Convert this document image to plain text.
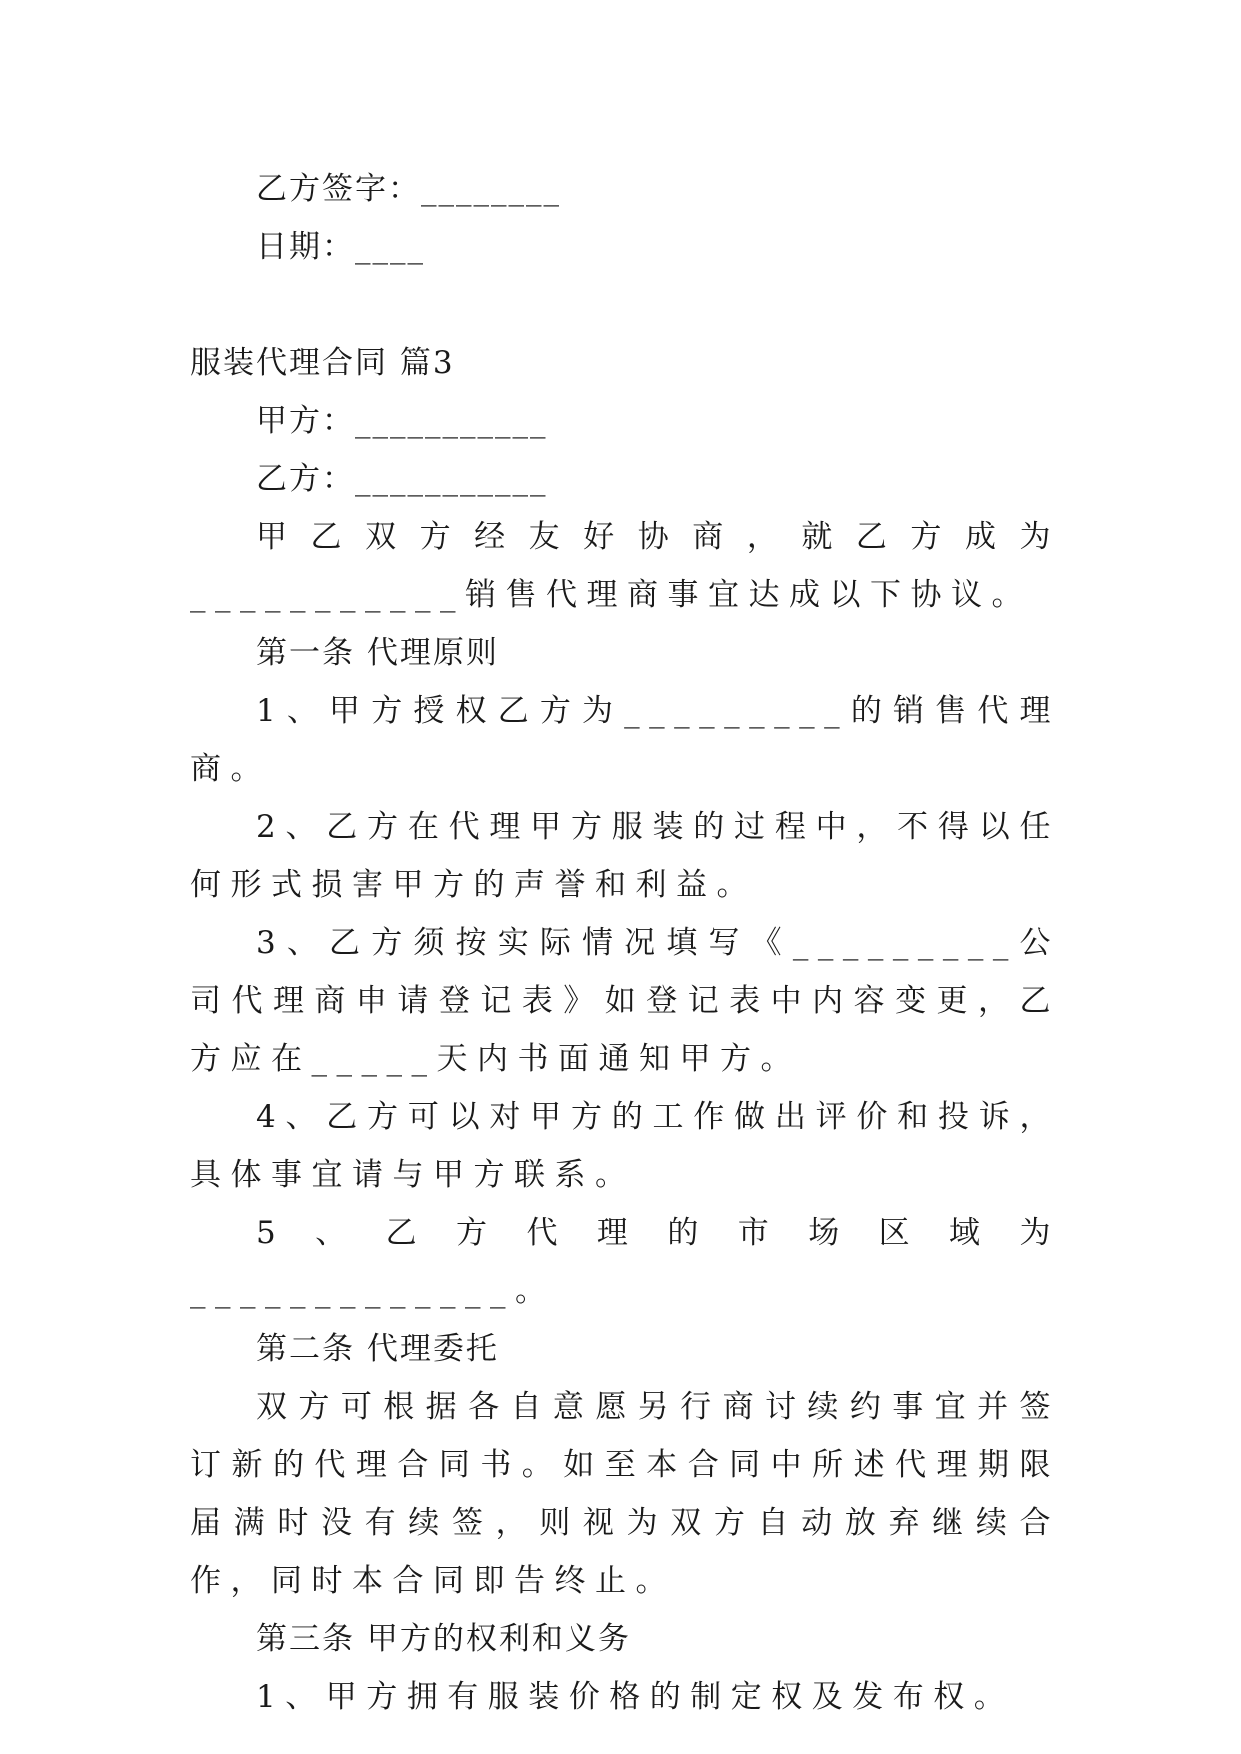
乙方签字：________
日期：____
服装代理合同 篇3
甲方：___________
乙方：___________

甲乙双方经友好协商，就乙方成为___________销售代理商事宜达成以下协议。

第一条 代理原则

1、甲方授权乙方为_________的销售代理商。

2、乙方在代理甲方服装的过程中，不得以任何形式损害甲方的声誉和利益。

3、乙方须按实际情况填写《_________公司代理商申请登记表》如登记表中内容变更，乙方应在_____天内书面通知甲方。

4、乙方可以对甲方的工作做出评价和投诉，具体事宜请与甲方联系。

5、乙方代理的市场区域为_____________。

第二条 代理委托

双方可根据各自意愿另行商讨续约事宜并签订新的代理合同书。如至本合同中所述代理期限届满时没有续签，则视为双方自动放弃继续合作，同时本合同即告终止。

第三条 甲方的权利和义务

1、甲方拥有服装价格的制定权及发布权。
